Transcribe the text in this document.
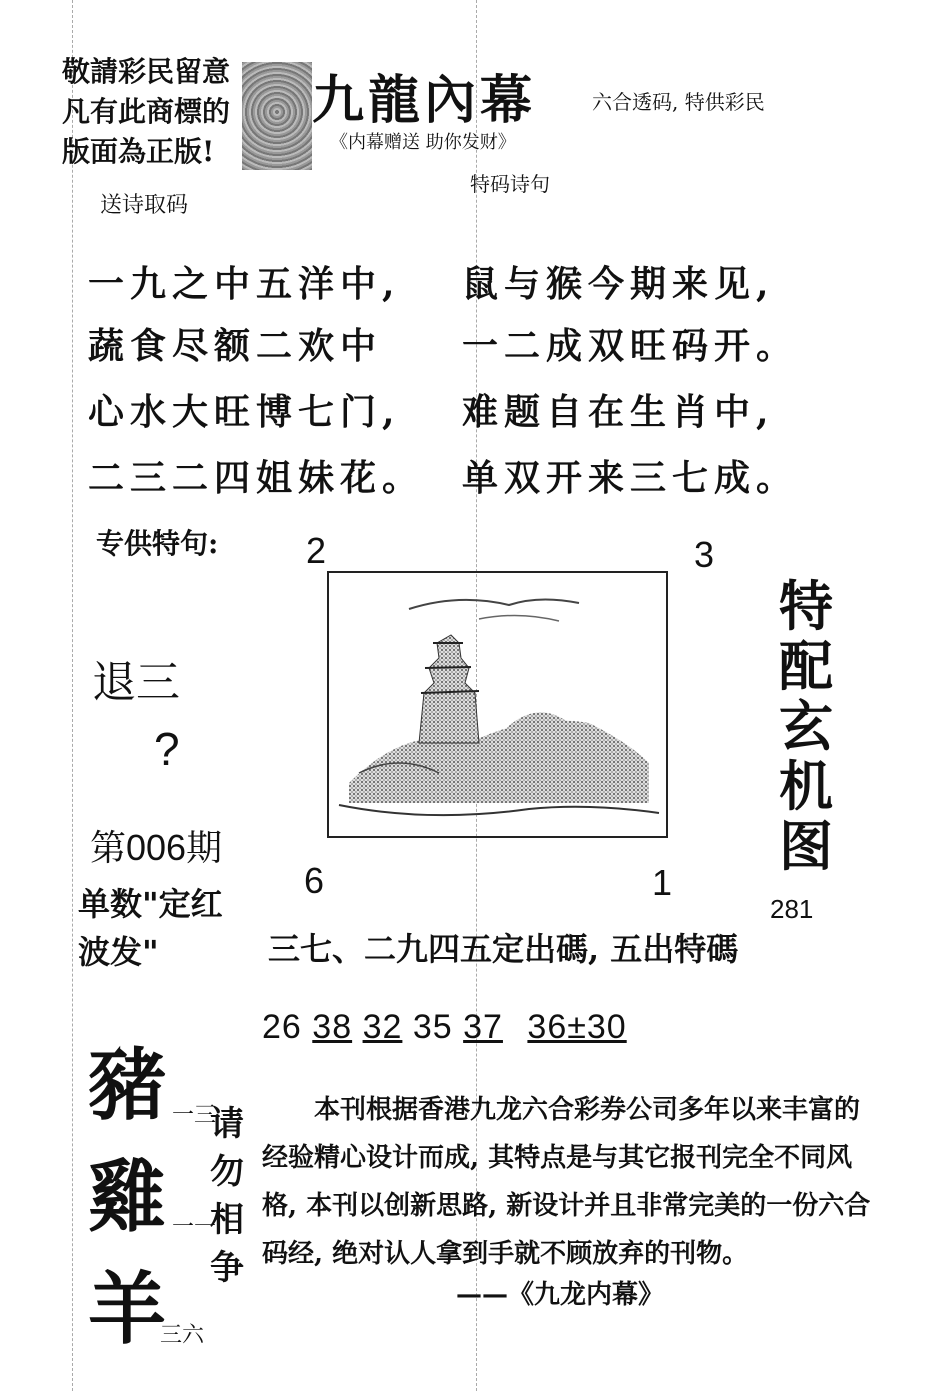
敬請彩民留意
凡有此商標的
版面為正版!
送诗取码
九龍內幕	六合透码, 特供彩民
《内幕赠送 助你发财》
特码诗句
一九之中五洋中,
蔬食尽额二欢中
心水大旺博七门,
二三二四姐妹花。
鼠与猴今期来见,
一二成双旺码开。
难题自在生肖中,
单双开来三七成。
专供特句: 2	3
6	1
特配玄机图
281
退三
?
第006期
单数"定红波发"	三七、二九四五定出碼, 五出特碼
26 38 32 35 37 36±30
豬
雞
羊
一三
一一
三六
请勿相争
本刊根据香港九龙六合彩券公司多年以来丰富的经验精心设计而成, 其特点是与其它报刊完全不同风格, 本刊以创新思路, 新设计并且非常完美的一份六合码经, 绝对认人拿到手就不顾放弃的刊物。
——《九龙内幕》
